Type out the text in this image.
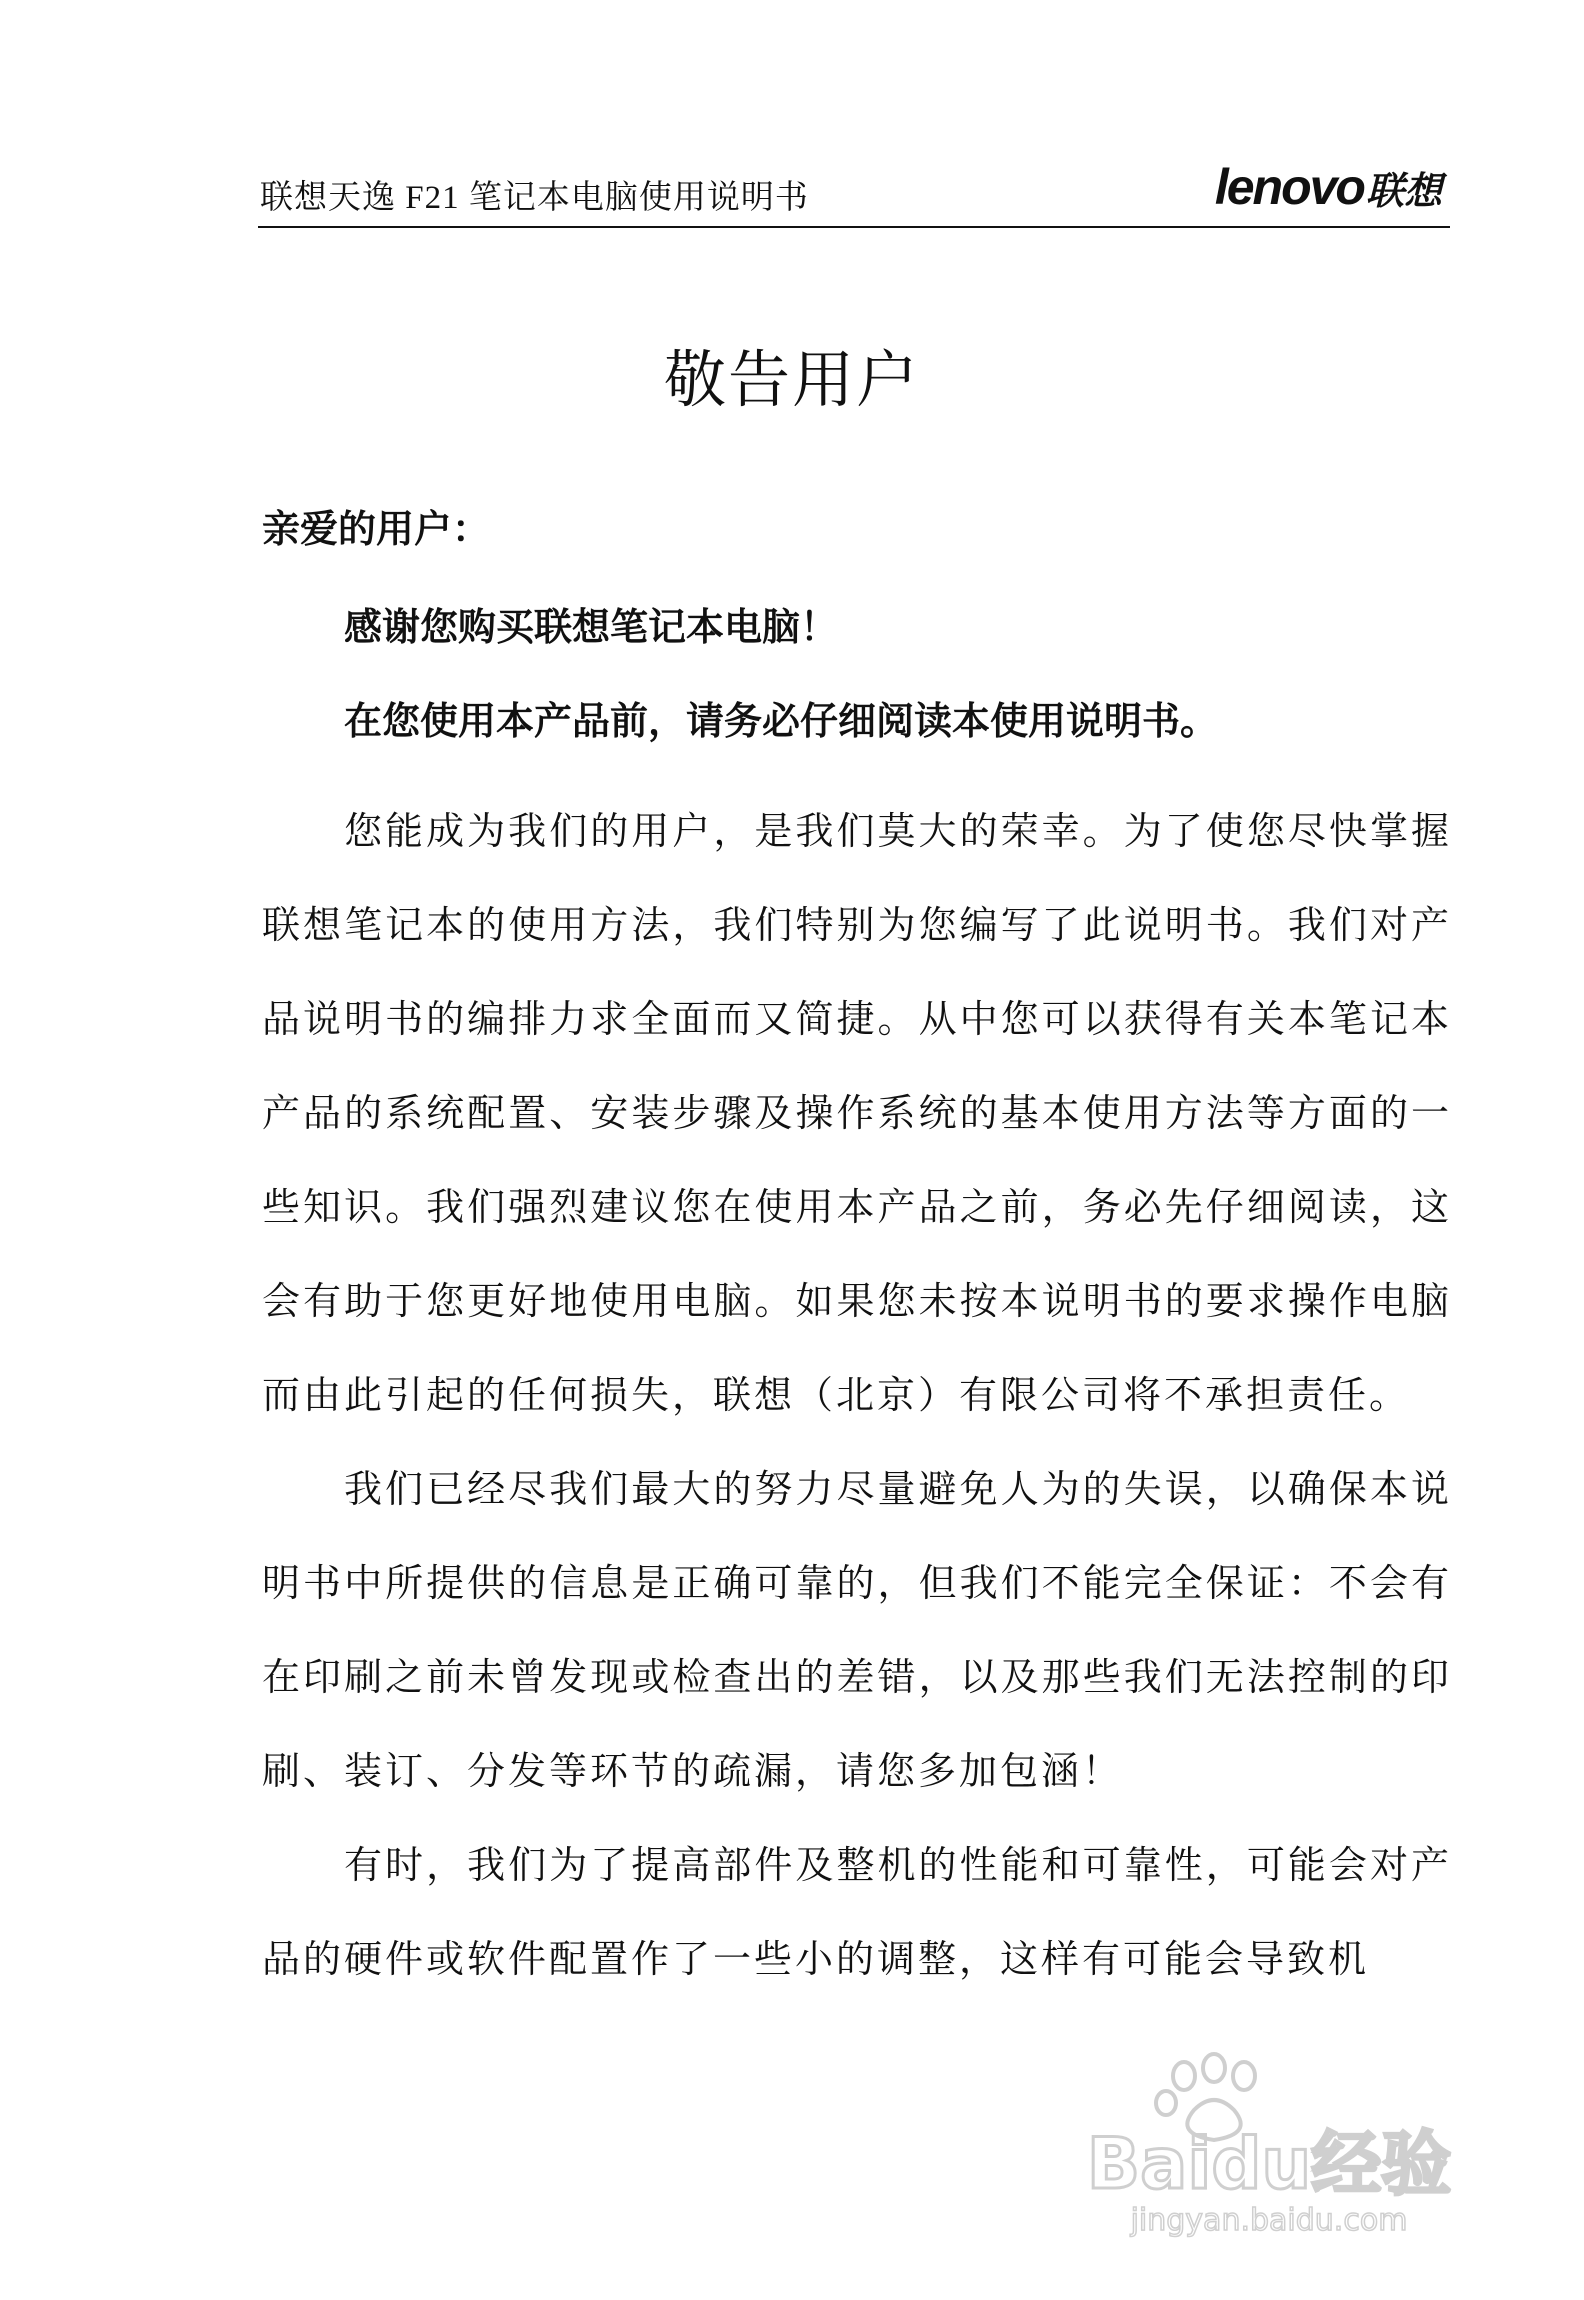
联想天逸 F21 笔记本电脑使用说明书	lenovo 联想
敬告用户

亲爱的用户：

感谢您购买联想笔记本电脑！

在您使用本产品前，请务必仔细阅读本使用说明书。

您能成为我们的用户，是我们莫大的荣幸。为了使您尽快掌握联想笔记本的使用方法，我们特别为您编写了此说明书。我们对产品说明书的编排力求全面而又简捷。从中您可以获得有关本笔记本产品的系统配置、安装步骤及操作系统的基本使用方法等方面的一些知识。我们强烈建议您在使用本产品之前，务必先仔细阅读，这会有助于您更好地使用电脑。如果您未按本说明书的要求操作电脑而由此引起的任何损失，联想（北京）有限公司将不承担责任。

我们已经尽我们最大的努力尽量避免人为的失误，以确保本说明书中所提供的信息是正确可靠的，但我们不能完全保证：不会有在印刷之前未曾发现或检查出的差错，以及那些我们无法控制的印刷、装订、分发等环节的疏漏，请您多加包涵！

有时，我们为了提高部件及整机的性能和可靠性，可能会对产品的硬件或软件配置作了一些小的调整，这样有可能会导致机

Baidu经验
jingyan.baidu.com
